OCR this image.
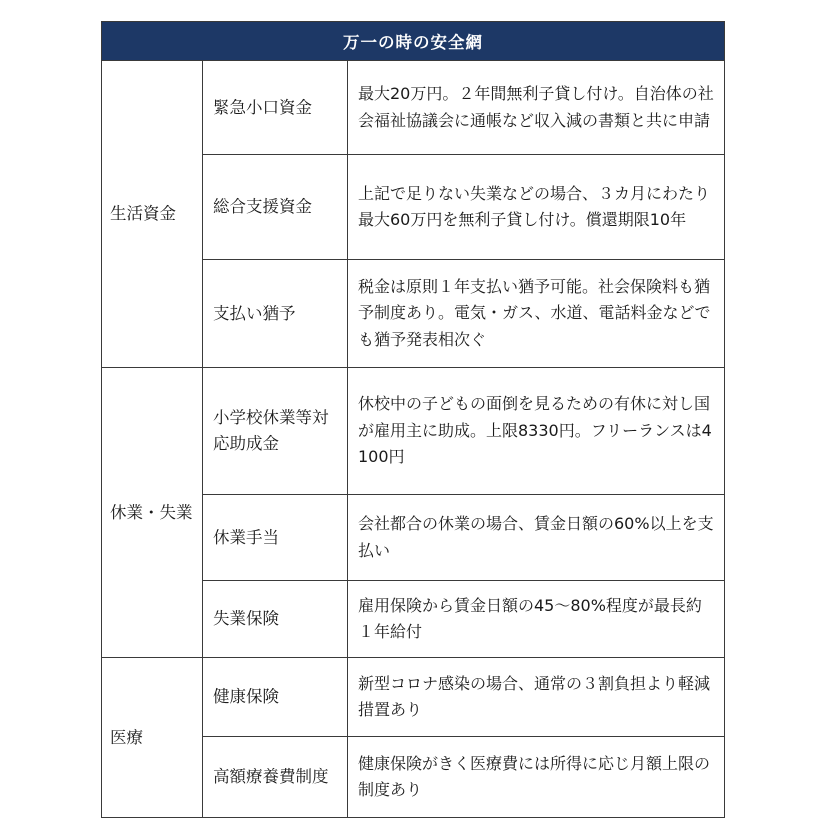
万一の時の安全網		
生活資金	緊急小口資金	最大20万円。２年間無利子貸し付け。自治体の社会福祉協議会に通帳など収入減の書類と共に申請
	総合支援資金	上記で足りない失業などの場合、３カ月にわたり最大60万円を無利子貸し付け。償還期限10年
	支払い猶予	税金は原則１年支払い猶予可能。社会保険料も猶予制度あり。電気・ガス、水道、電話料金などでも猶予発表相次ぐ
休業・失業	小学校休業等対応助成金	休校中の子どもの面倒を見るための有休に対し国が雇用主に助成。上限8330円。フリーランスは4100円
	休業手当	会社都合の休業の場合、賃金日額の60%以上を支払い
	失業保険	雇用保険から賃金日額の45～80%程度が最長約１年給付
医療	健康保険	新型コロナ感染の場合、通常の３割負担より軽減措置あり
	高額療養費制度	健康保険がきく医療費には所得に応じ月額上限の制度あり
